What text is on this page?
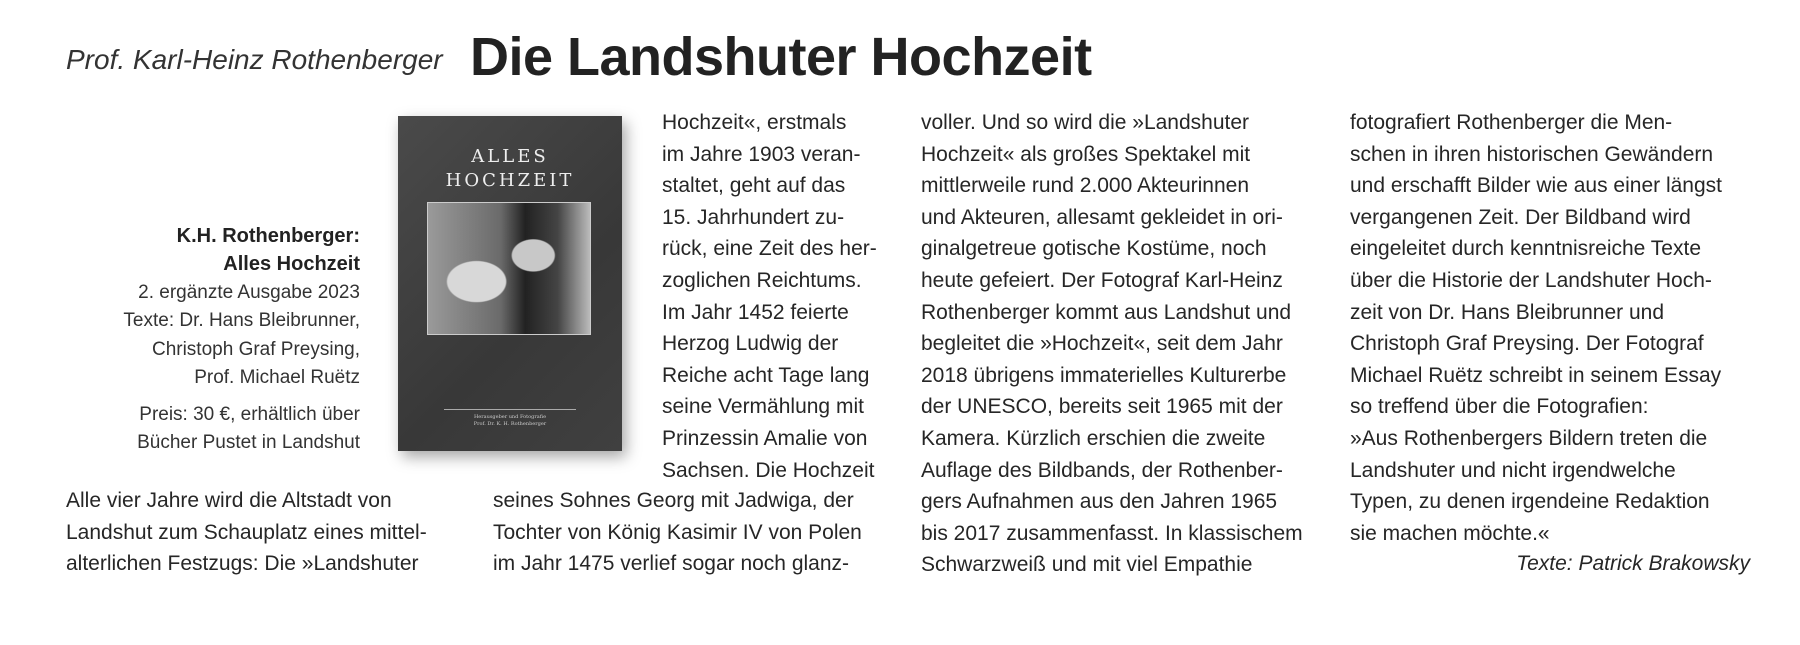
Prof. Karl-Heinz Rothenberger Die Landshuter Hochzeit
K.H. Rothenberger:
Alles Hochzeit
2. ergänzte Ausgabe 2023
Texte: Dr. Hans Bleibrunner,
Christoph Graf Preysing,
Prof. Michael Ruëtz
Preis: 30 €, erhältlich über
Bücher Pustet in Landshut
ALLES
HOCHZEIT
Herausgeber und Fotografie
Prof. Dr. K. H. Rothenberger
Alle vier Jahre wird die Altstadt von
Landshut zum Schauplatz eines mittel-
alterlichen Festzugs: Die »Landshuter
Hochzeit«, erstmals
im Jahre 1903 veran-
staltet, geht auf das
15. Jahrhundert zu-
rück, eine Zeit des her-
zoglichen Reichtums.
Im Jahr 1452 feierte
Herzog Ludwig der
Reiche acht Tage lang
seine Vermählung mit
Prinzessin Amalie von
Sachsen. Die Hochzeit
seines Sohnes Georg mit Jadwiga, der
Tochter von König Kasimir IV von Polen
im Jahr 1475 verlief sogar noch glanz-
voller. Und so wird die »Landshuter
Hochzeit« als großes Spektakel mit
mittlerweile rund 2.000 Akteurinnen
und Akteuren, allesamt gekleidet in ori-
ginalgetreue gotische Kostüme, noch
heute gefeiert. Der Fotograf Karl-Heinz
Rothenberger kommt aus Landshut und
begleitet die »Hochzeit«, seit dem Jahr
2018 übrigens immaterielles Kulturerbe
der UNESCO, bereits seit 1965 mit der
Kamera. Kürzlich erschien die zweite
Auflage des Bildbands, der Rothenber-
gers Aufnahmen aus den Jahren 1965
bis 2017 zusammenfasst. In klassischem
Schwarzweiß und mit viel Empathie
fotografiert Rothenberger die Men-
schen in ihren historischen Gewändern
und erschafft Bilder wie aus einer längst
vergangenen Zeit. Der Bildband wird
eingeleitet durch kenntnisreiche Texte
über die Historie der Landshuter Hoch-
zeit von Dr. Hans Bleibrunner und
Christoph Graf Preysing. Der Fotograf
Michael Ruëtz schreibt in seinem Essay
so treffend über die Fotografien:
»Aus Rothenbergers Bildern treten die
Landshuter und nicht irgendwelche
Typen, zu denen irgendeine Redaktion
sie machen möchte.«
Texte: Patrick Brakowsky
